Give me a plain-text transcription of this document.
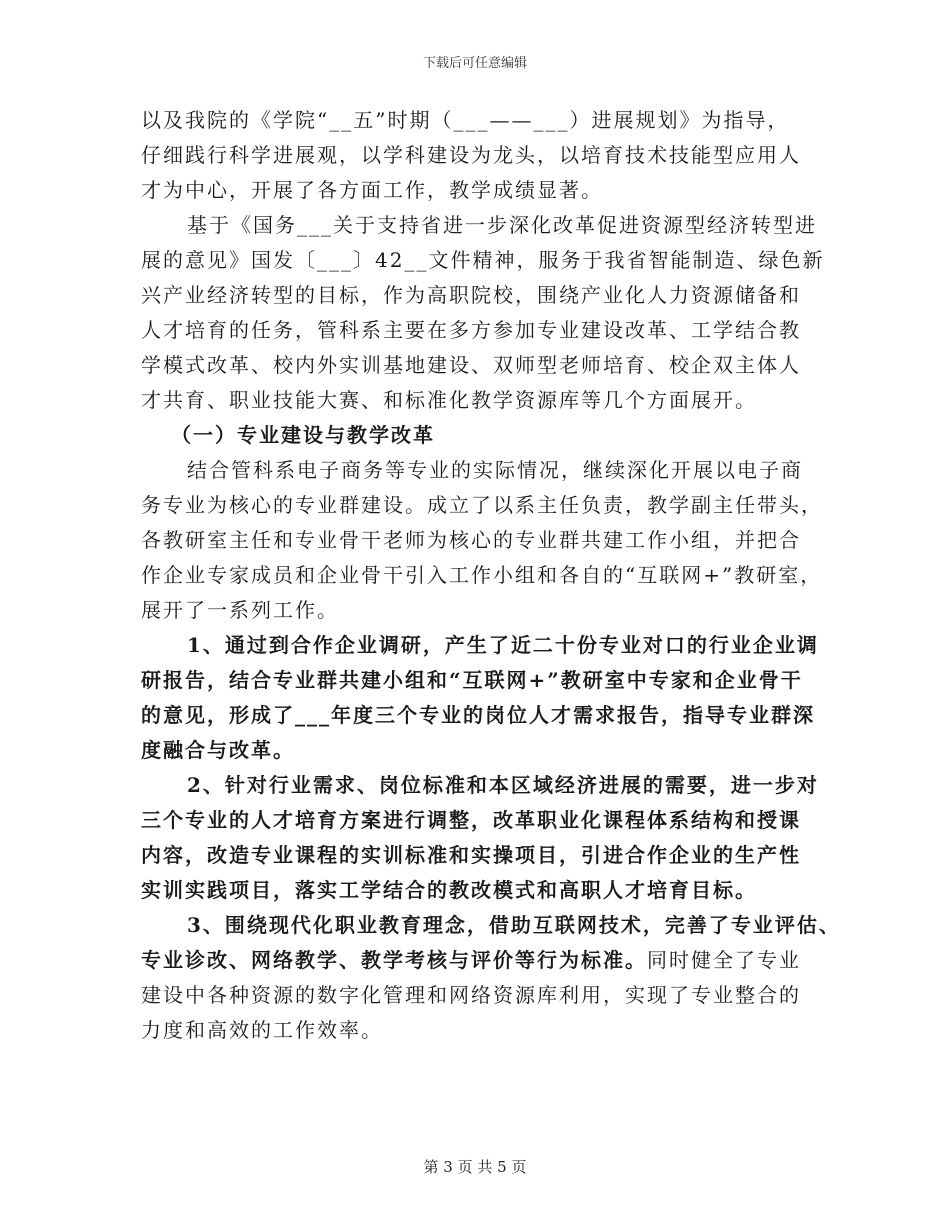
下载后可任意编辑
以及我院的《学院“__五”时期（___——___）进展规划》为指导，
仔细践行科学进展观，以学科建设为龙头，以培育技术技能型应用人
才为中心，开展了各方面工作，教学成绩显著。
基于《国务___关于支持省进一步深化改革促进资源型经济转型进
展的意见》国发〔___〕42__文件精神，服务于我省智能制造、绿色新
兴产业经济转型的目标，作为高职院校，围绕产业化人力资源储备和
人才培育的任务，管科系主要在多方参加专业建设改革、工学结合教
学模式改革、校内外实训基地建设、双师型老师培育、校企双主体人
才共育、职业技能大赛、和标准化教学资源库等几个方面展开。
（一）专业建设与教学改革
结合管科系电子商务等专业的实际情况，继续深化开展以电子商
务专业为核心的专业群建设。成立了以系主任负责，教学副主任带头，
各教研室主任和专业骨干老师为核心的专业群共建工作小组，并把合
作企业专家成员和企业骨干引入工作小组和各自的“互联网+”教研室，
展开了一系列工作。
1、通过到合作企业调研，产生了近二十份专业对口的行业企业调
研报告，结合专业群共建小组和“互联网+”教研室中专家和企业骨干
的意见，形成了___年度三个专业的岗位人才需求报告，指导专业群深
度融合与改革。
2、针对行业需求、岗位标准和本区域经济进展的需要，进一步对
三个专业的人才培育方案进行调整，改革职业化课程体系结构和授课
内容，改造专业课程的实训标准和实操项目，引进合作企业的生产性
实训实践项目，落实工学结合的教改模式和高职人才培育目标。
3、围绕现代化职业教育理念，借助互联网技术，完善了专业评估、
专业诊改、网络教学、教学考核与评价等行为标准。同时健全了专业
建设中各种资源的数字化管理和网络资源库利用，实现了专业整合的
力度和高效的工作效率。
第 3 页 共 5 页
